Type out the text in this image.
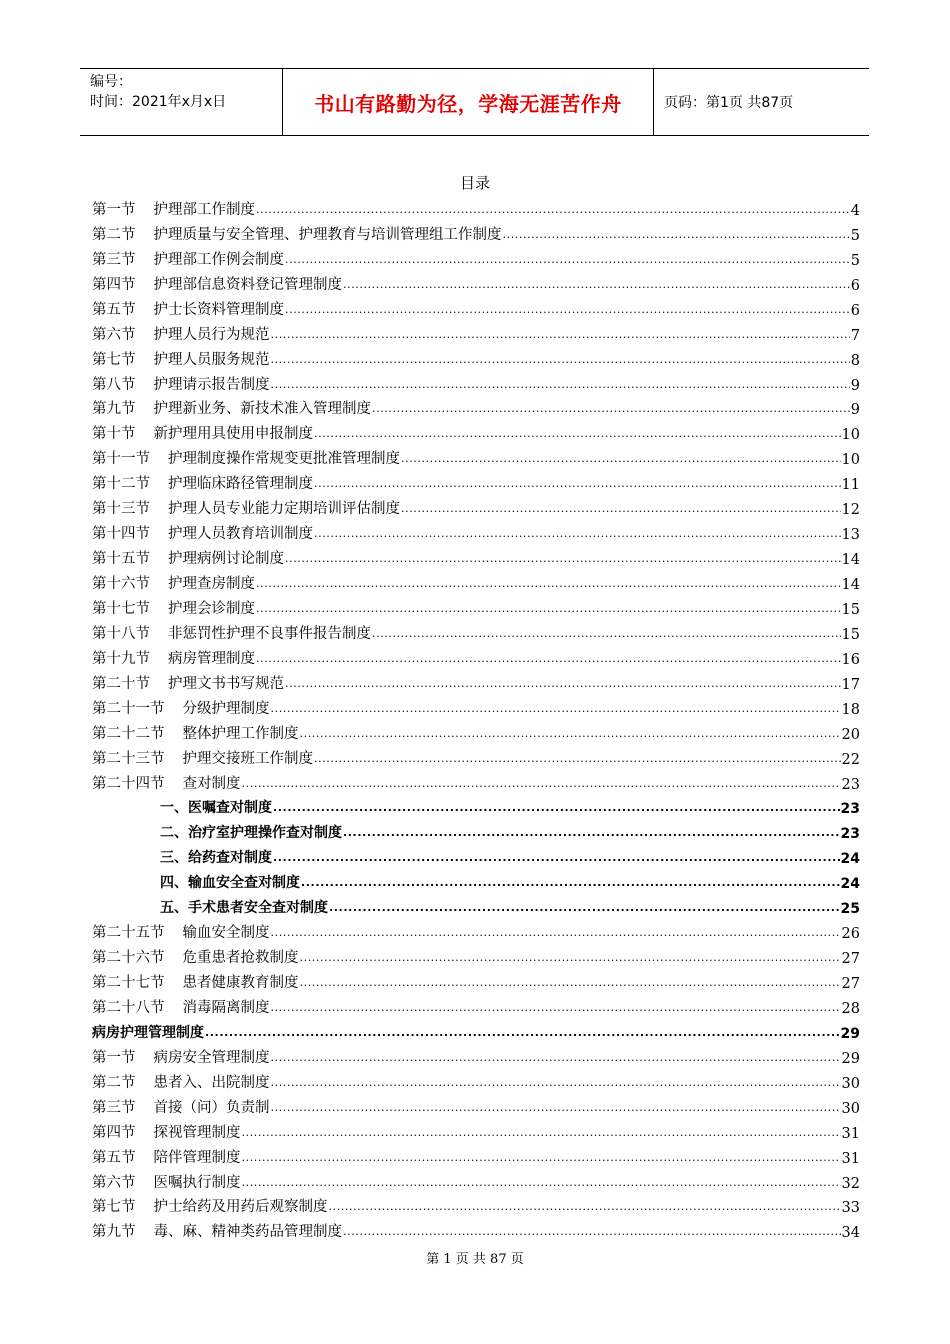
编号：
时间：2021年x月x日	书山有路勤为径，学海无涯苦作舟	页码：第1页 共87页
目录
第一节 护理部工作制度 .....	4
第二节 护理质量与安全管理、护理教育与培训管理组工作制度 .....	5
第三节 护理部工作例会制度 .....	5
第四节 护理部信息资料登记管理制度 .....	6
第五节 护士长资料管理制度 .....	6
第六节 护理人员行为规范 .....	7
第七节 护理人员服务规范 .....	8
第八节 护理请示报告制度 .....	9
第九节 护理新业务、新技术准入管理制度 .....	9
第十节 新护理用具使用申报制度 .....	10
第十一节 护理制度操作常规变更批准管理制度 .....	10
第十二节 护理临床路径管理制度 .....	11
第十三节 护理人员专业能力定期培训评估制度 .....	12
第十四节 护理人员教育培训制度 .....	13
第十五节 护理病例讨论制度 .....	14
第十六节 护理查房制度 .....	14
第十七节 护理会诊制度 .....	15
第十八节 非惩罚性护理不良事件报告制度 .....	15
第十九节 病房管理制度 .....	16
第二十节 护理文书书写规范 .....	17
第二十一节 分级护理制度 .....	18
第二十二节 整体护理工作制度 .....	20
第二十三节 护理交接班工作制度 .....	22
第二十四节 查对制度 .....	23
一、医嘱查对制度 .....	23
二、治疗室护理操作查对制度 .....	23
三、给药查对制度 .....	24
四、输血安全查对制度 .....	24
五、手术患者安全查对制度 .....	25
第二十五节 输血安全制度 .....	26
第二十六节 危重患者抢救制度 .....	27
第二十七节 患者健康教育制度 .....	27
第二十八节 消毒隔离制度 .....	28
病房护理管理制度 .....	29
第一节 病房安全管理制度 .....	29
第二节 患者入、出院制度 .....	30
第三节 首接（问）负责制 .....	30
第四节 探视管理制度 .....	31
第五节 陪伴管理制度 .....	31
第六节 医嘱执行制度 .....	32
第七节 护士给药及用药后观察制度 .....	33
第九节 毒、麻、精神类药品管理制度 .....	34
第 1 页 共 87 页
